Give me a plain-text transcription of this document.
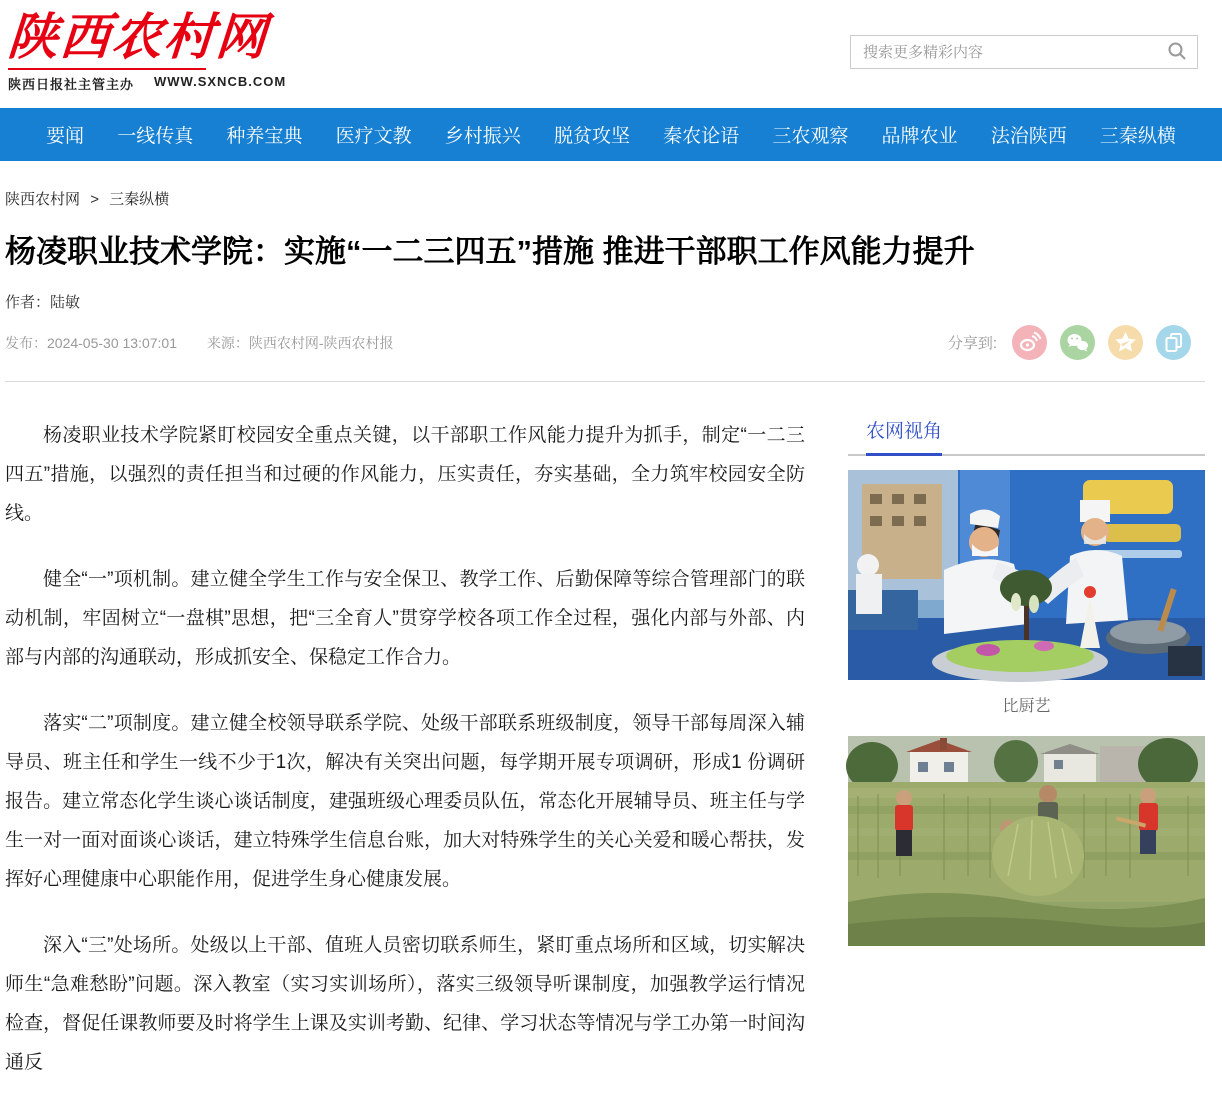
陕西农村网
陕西日报社主管主办 WWW.SXNCB.COM
搜索更多精彩内容
要闻 一线传真 种养宝典 医疗文教 乡村振兴 脱贫攻坚 秦农论语 三农观察 品牌农业 法治陕西 三秦纵横
陕西农村网 > 三秦纵横
杨凌职业技术学院：实施“一二三四五”措施 推进干部职工作风能力提升
作者：陆敏
发布：2024-05-30 13:07:01 来源：陕西农村网-陕西农村报	分享到:

杨凌职业技术学院紧盯校园安全重点关键，以干部职工作风能力提升为抓手，制定“一二三四五”措施，以强烈的责任担当和过硬的作风能力，压实责任，夯实基础，全力筑牢校园安全防线。

健全“一”项机制。建立健全学生工作与安全保卫、教学工作、后勤保障等综合管理部门的联动机制，牢固树立“一盘棋”思想，把“三全育人”贯穿学校各项工作全过程，强化内部与外部、内部与内部的沟通联动，形成抓安全、保稳定工作合力。

落实“二”项制度。建立健全校领导联系学院、处级干部联系班级制度，领导干部每周深入辅导员、班主任和学生一线不少于1次，解决有关突出问题，每学期开展专项调研，形成1 份调研报告。建立常态化学生谈心谈话制度，建强班级心理委员队伍，常态化开展辅导员、班主任与学生一对一面对面谈心谈话，建立特殊学生信息台账，加大对特殊学生的关心关爱和暖心帮扶，发挥好心理健康中心职能作用，促进学生身心健康发展。

深入“三”处场所。处级以上干部、值班人员密切联系师生，紧盯重点场所和区域，切实解决师生“急难愁盼”问题。深入教室（实习实训场所），落实三级领导听课制度，加强教学运行情况检查，督促任课教师要及时将学生上课及实训考勤、纪律、学习状态等情况与学工办第一时间沟通反

农网视角
比厨艺
